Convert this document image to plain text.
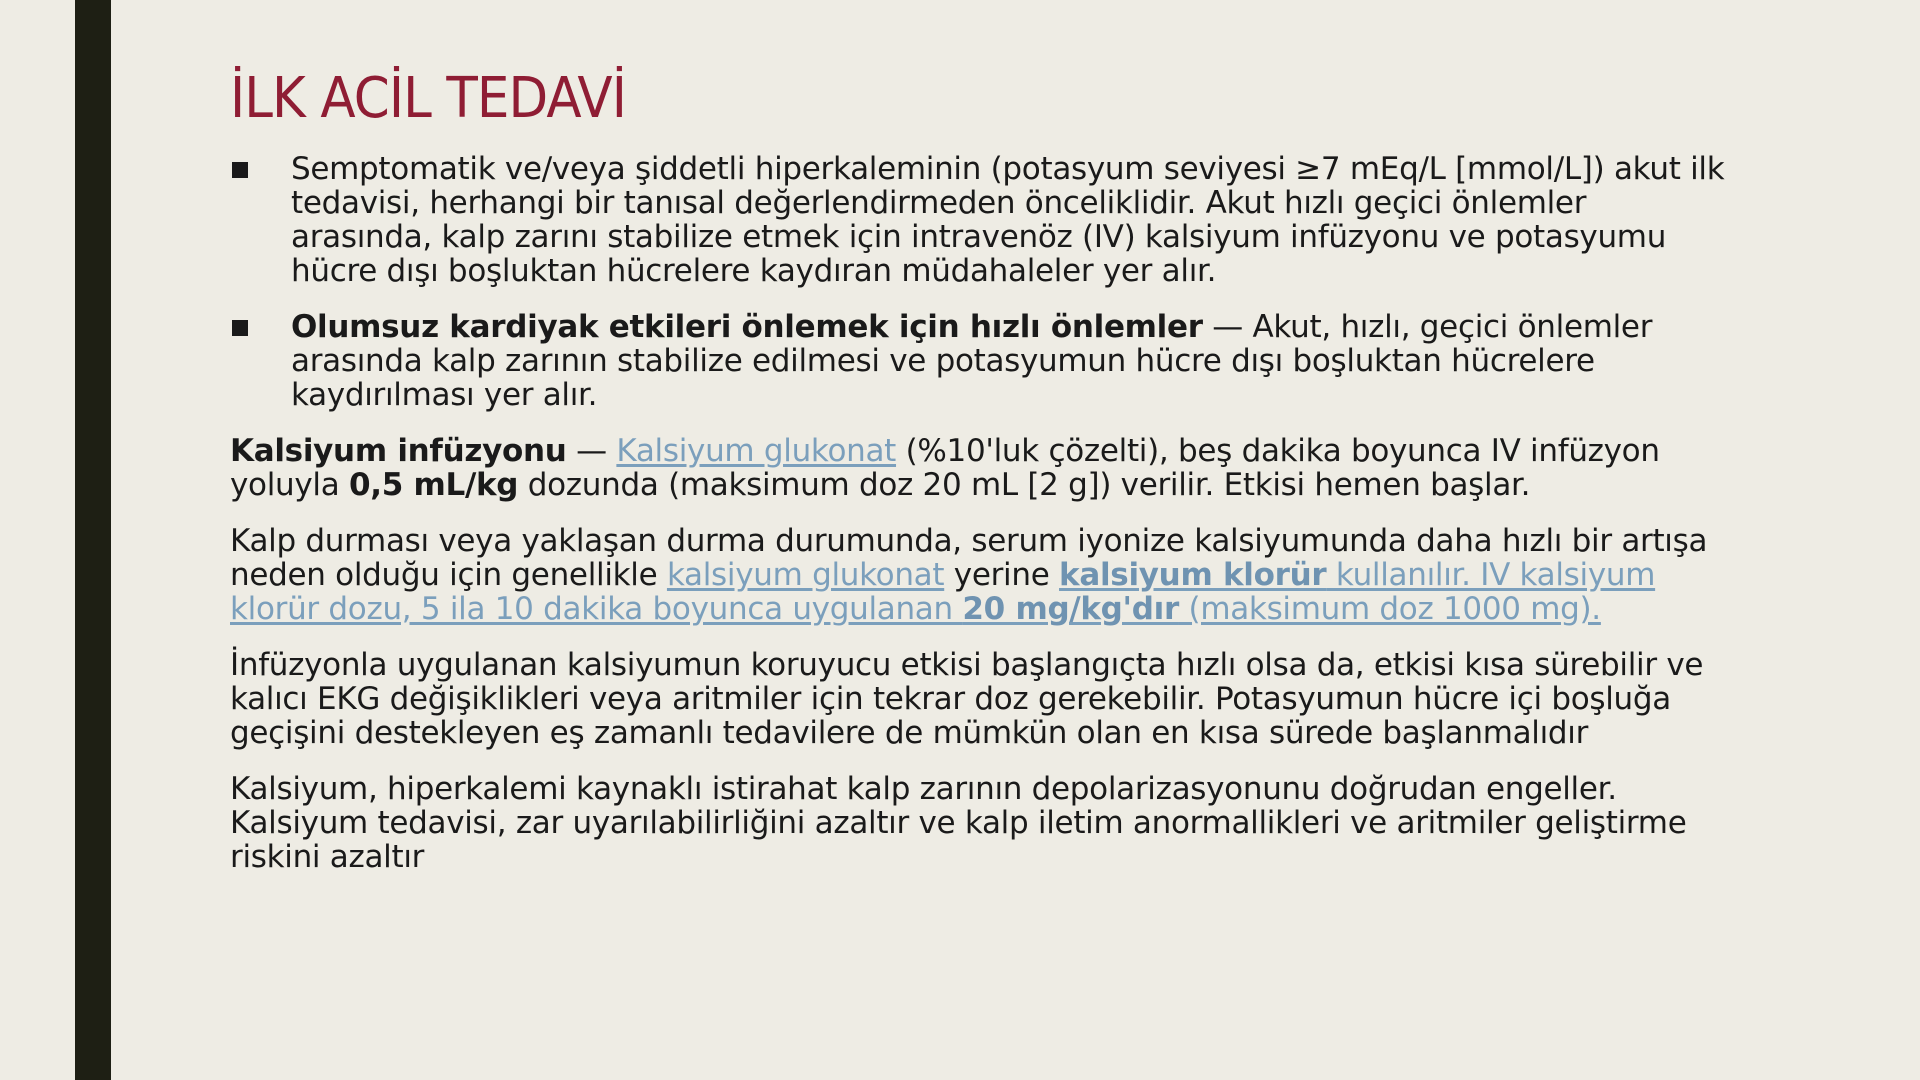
İLK ACİL TEDAVİ
Semptomatik ve/veya şiddetli hiperkaleminin (potasyum seviyesi ≥7 mEq/L [mmol/L]) akut ilk tedavisi, herhangi bir tanısal değerlendirmeden önceliklidir. Akut hızlı geçici önlemler arasında, kalp zarını stabilize etmek için intravenöz (IV) kalsiyum infüzyonu ve potasyumu hücre dışı boşluktan hücrelere kaydıran müdahaleler yer alır.
Olumsuz kardiyak etkileri önlemek için hızlı önlemler — Akut, hızlı, geçici önlemler arasında kalp zarının stabilize edilmesi ve potasyumun hücre dışı boşluktan hücrelere kaydırılması yer alır.

Kalsiyum infüzyonu — Kalsiyum glukonat (%10'luk çözelti), beş dakika boyunca IV infüzyon yoluyla 0,5 mL/kg dozunda (maksimum doz 20 mL [2 g]) verilir. Etkisi hemen başlar.

Kalp durması veya yaklaşan durma durumunda, serum iyonize kalsiyumunda daha hızlı bir artışa neden olduğu için genellikle kalsiyum glukonat yerine kalsiyum klorür kullanılır. IV kalsiyum klorür dozu, 5 ila 10 dakika boyunca uygulanan 20 mg/kg'dır (maksimum doz 1000 mg).

İnfüzyonla uygulanan kalsiyumun koruyucu etkisi başlangıçta hızlı olsa da, etkisi kısa sürebilir ve kalıcı EKG değişiklikleri veya aritmiler için tekrar doz gerekebilir. Potasyumun hücre içi boşluğa geçişini destekleyen eş zamanlı tedavilere de mümkün olan en kısa sürede başlanmalıdır

Kalsiyum, hiperkalemi kaynaklı istirahat kalp zarının depolarizasyonunu doğrudan engeller. Kalsiyum tedavisi, zar uyarılabilirliğini azaltır ve kalp iletim anormallikleri ve aritmiler geliştirme riskini azaltır
